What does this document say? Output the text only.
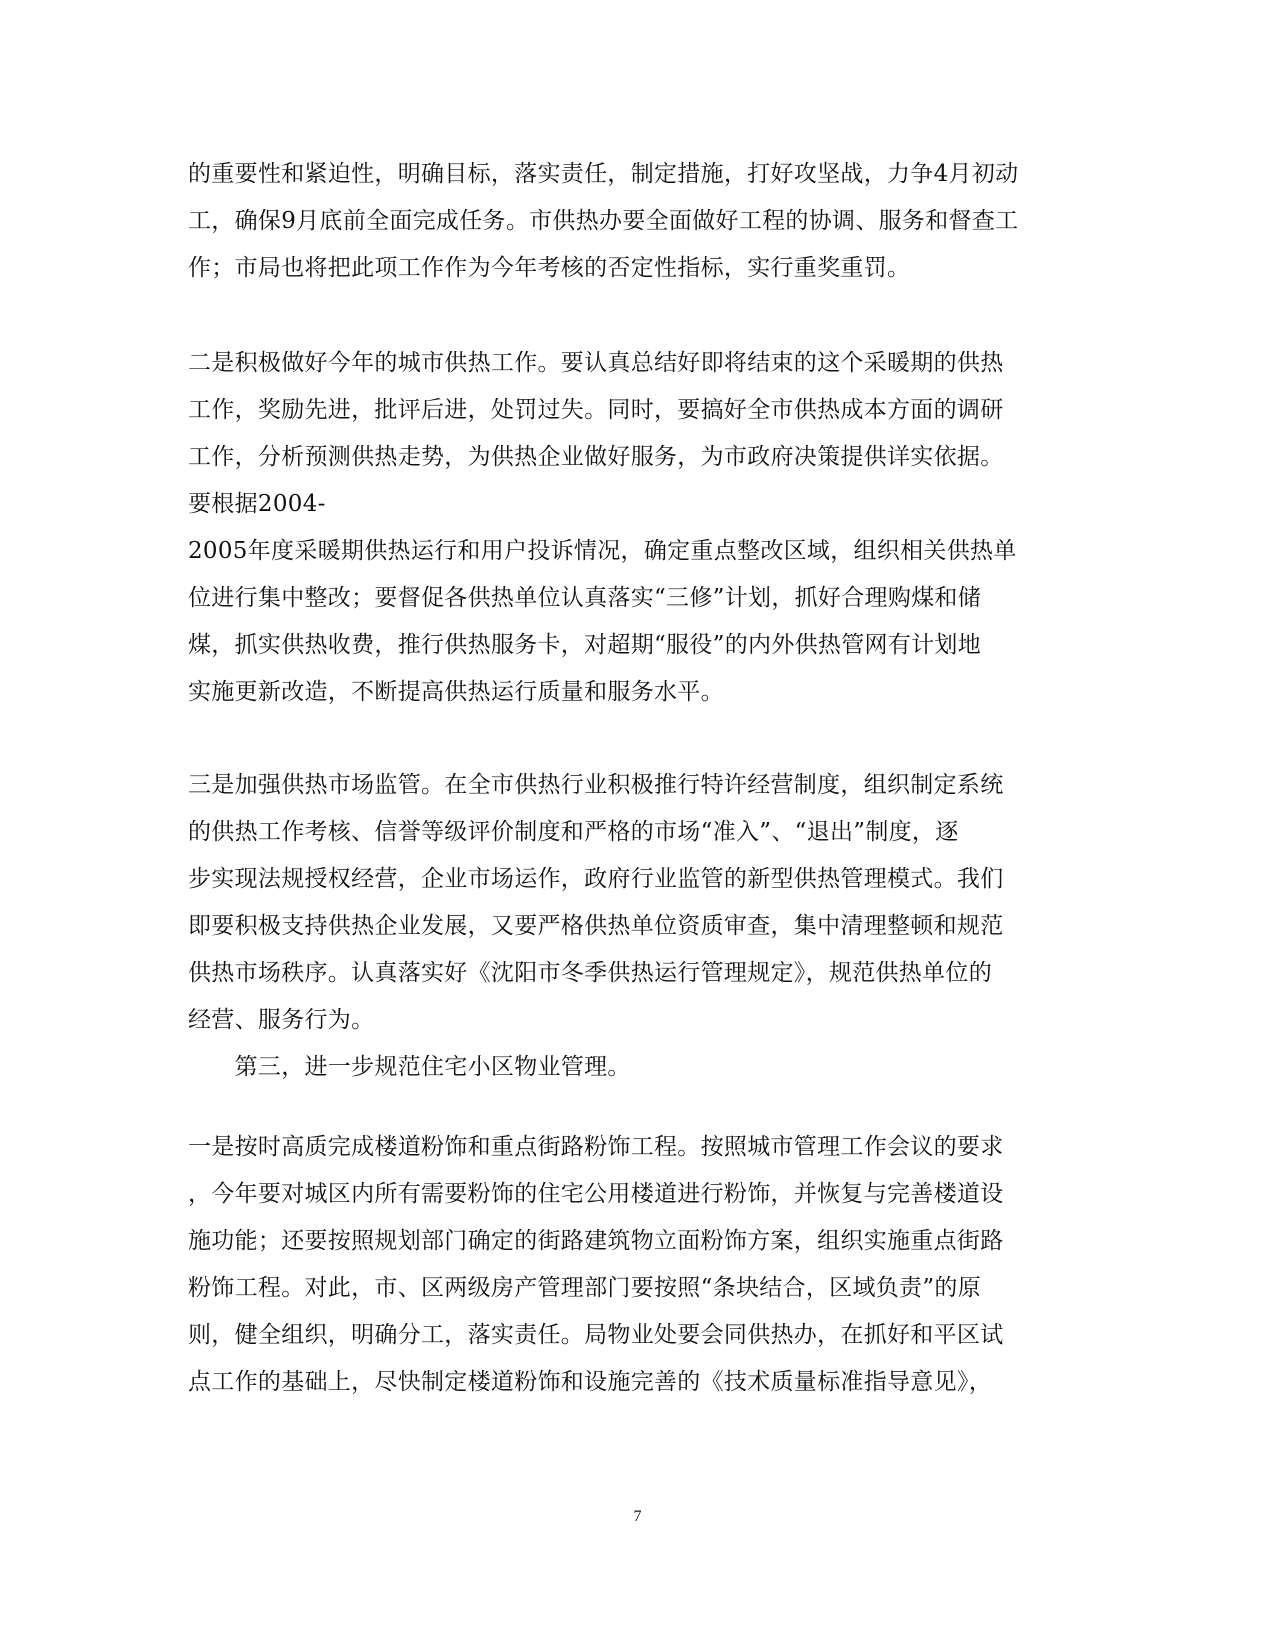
的重要性和紧迫性，明确目标，落实责任，制定措施，打好攻坚战，力争4月初动
工，确保9月底前全面完成任务。市供热办要全面做好工程的协调、服务和督查工
作；市局也将把此项工作作为今年考核的否定性指标，实行重奖重罚。
二是积极做好今年的城市供热工作。要认真总结好即将结束的这个采暖期的供热
工作，奖励先进，批评后进，处罚过失。同时，要搞好全市供热成本方面的调研
工作，分析预测供热走势，为供热企业做好服务，为市政府决策提供详实依据。
要根据2004-
2005年度采暖期供热运行和用户投诉情况，确定重点整改区域，组织相关供热单
位进行集中整改；要督促各供热单位认真落实“三修”计划，抓好合理购煤和储
煤，抓实供热收费，推行供热服务卡，对超期“服役”的内外供热管网有计划地
实施更新改造，不断提高供热运行质量和服务水平。
三是加强供热市场监管。在全市供热行业积极推行特许经营制度，组织制定系统
的供热工作考核、信誉等级评价制度和严格的市场“准入”、“退出”制度，逐
步实现法规授权经营，企业市场运作，政府行业监管的新型供热管理模式。我们
即要积极支持供热企业发展，又要严格供热单位资质审查，集中清理整顿和规范
供热市场秩序。认真落实好《沈阳市冬季供热运行管理规定》，规范供热单位的
经营、服务行为。
　　第三，进一步规范住宅小区物业管理。
一是按时高质完成楼道粉饰和重点街路粉饰工程。按照城市管理工作会议的要求
，今年要对城区内所有需要粉饰的住宅公用楼道进行粉饰，并恢复与完善楼道设
施功能；还要按照规划部门确定的街路建筑物立面粉饰方案，组织实施重点街路
粉饰工程。对此，市、区两级房产管理部门要按照“条块结合，区域负责”的原
则，健全组织，明确分工，落实责任。局物业处要会同供热办，在抓好和平区试
点工作的基础上，尽快制定楼道粉饰和设施完善的《技术质量标准指导意见》，
7
